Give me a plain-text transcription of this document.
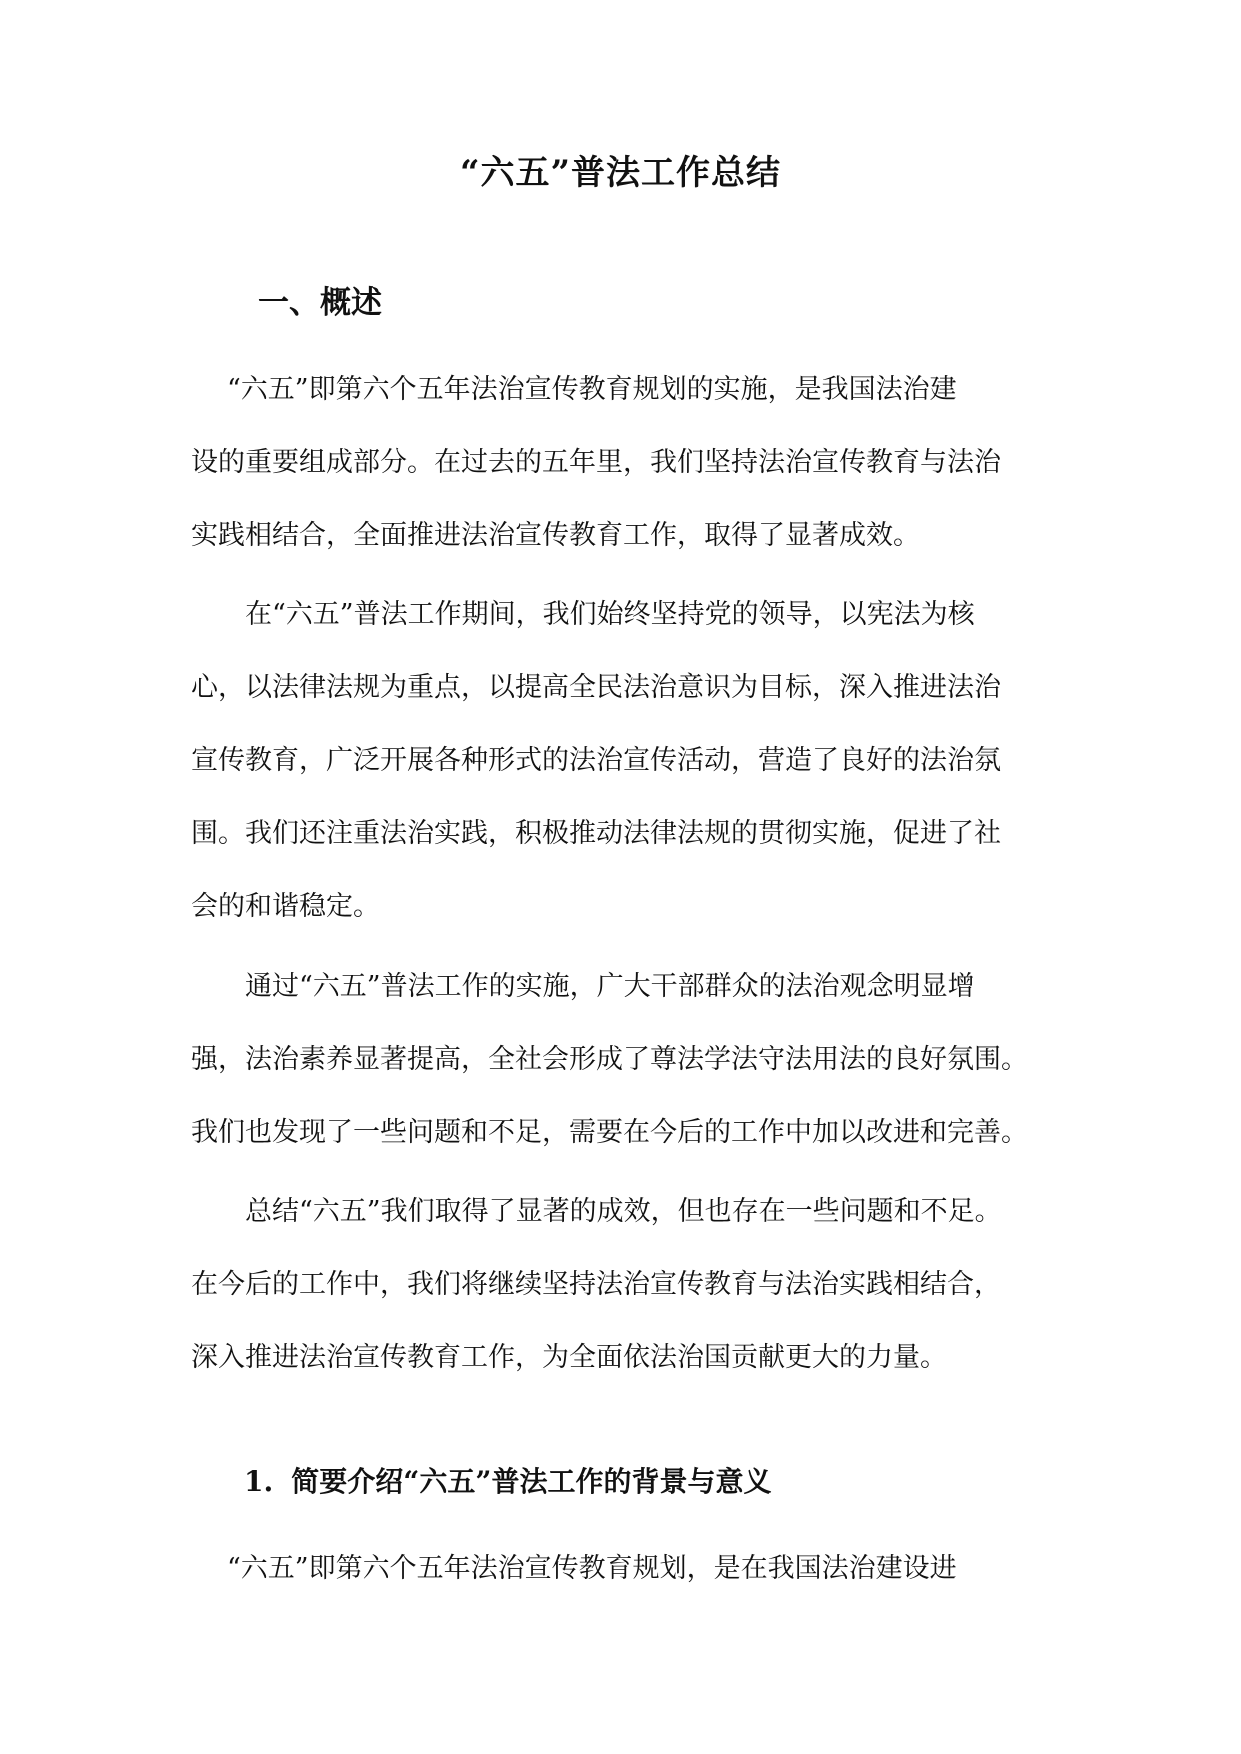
“六五”普法工作总结
一、概述

“六五”即第六个五年法治宣传教育规划的实施，是我国法治建
设的重要组成部分。在过去的五年里，我们坚持法治宣传教育与法治
实践相结合，全面推进法治宣传教育工作，取得了显著成效。

在“六五”普法工作期间，我们始终坚持党的领导，以宪法为核
心，以法律法规为重点，以提高全民法治意识为目标，深入推进法治
宣传教育，广泛开展各种形式的法治宣传活动，营造了良好的法治氛
围。我们还注重法治实践，积极推动法律法规的贯彻实施，促进了社
会的和谐稳定。

通过“六五”普法工作的实施，广大干部群众的法治观念明显增
强，法治素养显著提高，全社会形成了尊法学法守法用法的良好氛围。
我们也发现了一些问题和不足，需要在今后的工作中加以改进和完善。

总结“六五”我们取得了显著的成效，但也存在一些问题和不足。
在今后的工作中，我们将继续坚持法治宣传教育与法治实践相结合，
深入推进法治宣传教育工作，为全面依法治国贡献更大的力量。

1. 简要介绍“六五”普法工作的背景与意义

“六五”即第六个五年法治宣传教育规划，是在我国法治建设进
